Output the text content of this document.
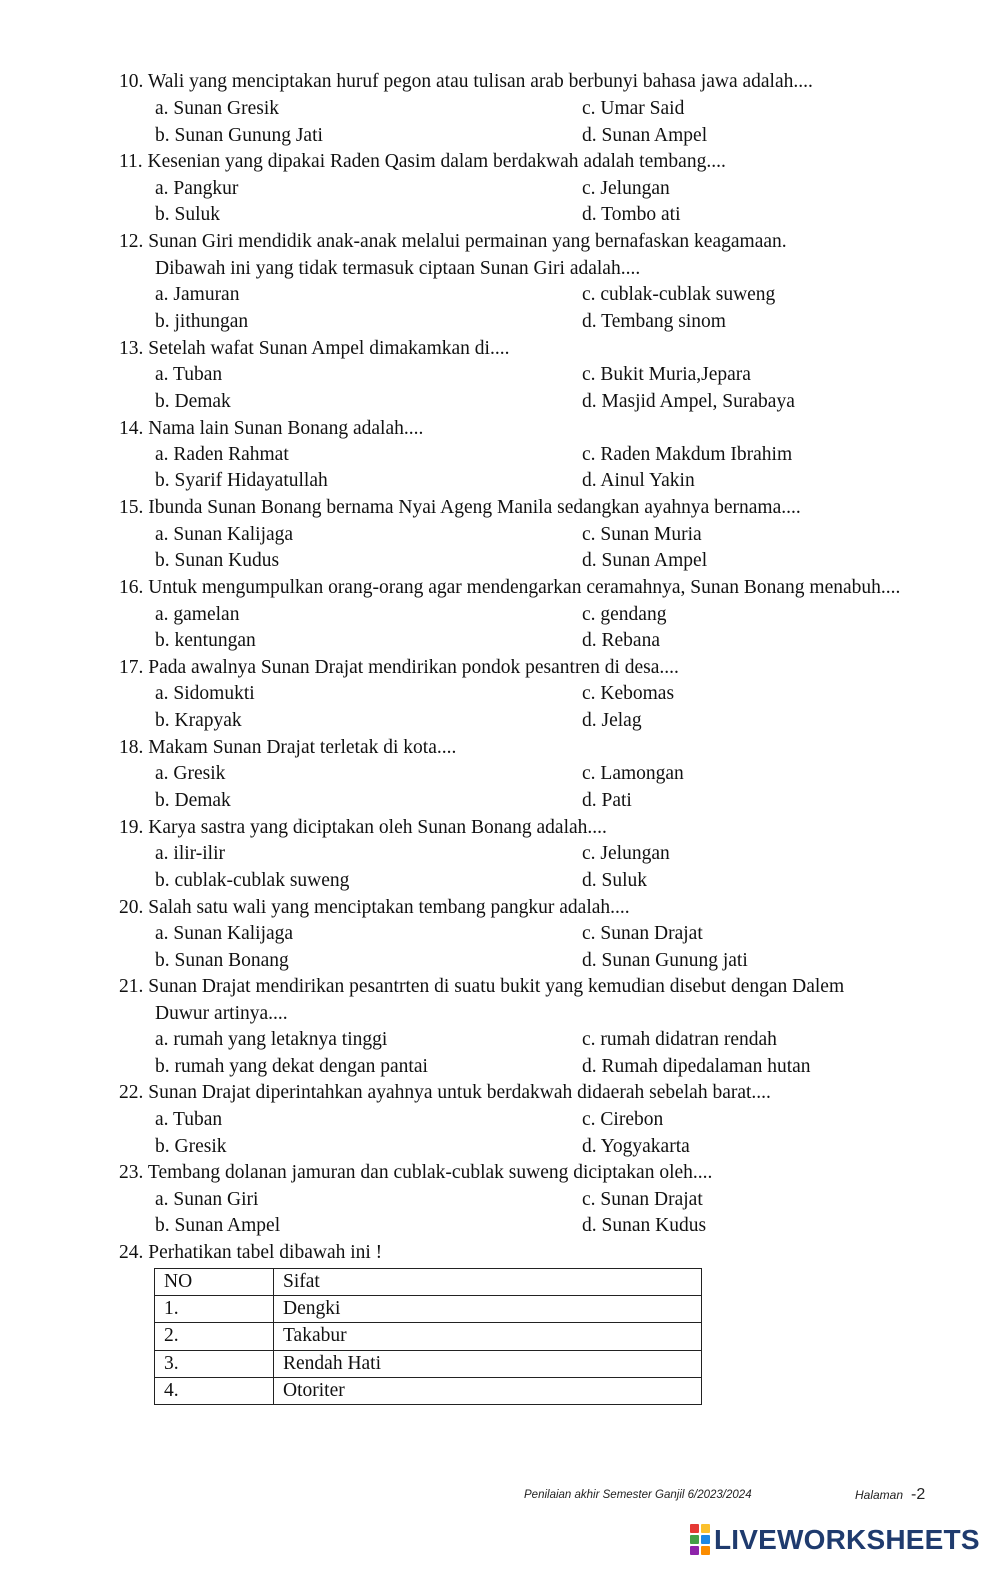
10. Wali yang menciptakan huruf pegon atau tulisan arab berbunyi bahasa jawa adalah....
a. Sunan Gresik	c. Umar Said
b. Sunan Gunung Jati	d. Sunan Ampel
11. Kesenian yang dipakai Raden Qasim dalam berdakwah adalah tembang....
a. Pangkur	c. Jelungan
b. Suluk	d. Tombo ati
12. Sunan Giri mendidik anak-anak melalui permainan yang bernafaskan keagamaan.
Dibawah ini yang tidak termasuk ciptaan Sunan Giri adalah....
a. Jamuran	c. cublak-cublak suweng
b. jithungan	d. Tembang sinom
13. Setelah wafat Sunan Ampel dimakamkan di....
a. Tuban	c. Bukit Muria,Jepara
b. Demak	d. Masjid Ampel, Surabaya
14. Nama lain Sunan Bonang adalah....
a. Raden Rahmat	c. Raden Makdum Ibrahim
b. Syarif Hidayatullah	d. Ainul Yakin
15. Ibunda Sunan Bonang bernama Nyai Ageng Manila sedangkan ayahnya bernama....
a. Sunan Kalijaga	c. Sunan Muria
b. Sunan Kudus	d. Sunan Ampel
16. Untuk mengumpulkan orang-orang agar mendengarkan ceramahnya, Sunan Bonang menabuh....
a. gamelan	c. gendang
b. kentungan	d. Rebana
17. Pada awalnya Sunan Drajat mendirikan pondok pesantren di desa....
a. Sidomukti	c. Kebomas
b. Krapyak	d. Jelag
18. Makam Sunan Drajat terletak di kota....
a. Gresik	c. Lamongan
b. Demak	d. Pati
19. Karya sastra yang diciptakan oleh Sunan Bonang adalah....
a. ilir-ilir	c. Jelungan
b. cublak-cublak suweng	d. Suluk
20. Salah satu wali yang menciptakan tembang pangkur adalah....
a. Sunan Kalijaga	c. Sunan Drajat
b. Sunan Bonang	d. Sunan Gunung jati
21. Sunan Drajat mendirikan pesantrten di suatu bukit yang kemudian disebut dengan Dalem
Duwur artinya....
a. rumah yang letaknya tinggi	c. rumah didatran rendah
b. rumah yang dekat dengan pantai	d. Rumah dipedalaman hutan
22. Sunan Drajat diperintahkan ayahnya untuk berdakwah didaerah sebelah barat....
a. Tuban	c. Cirebon
b. Gresik	d. Yogyakarta
23. Tembang dolanan jamuran dan cublak-cublak suweng diciptakan oleh....
a. Sunan Giri	c. Sunan Drajat
b. Sunan Ampel	d. Sunan Kudus
24. Perhatikan tabel dibawah ini !
NO	Sifat
1.	Dengki
2.	Takabur
3.	Rendah Hati
4.	Otoriter
Penilaian akhir Semester Ganjil 6/2023/2024	Halaman -2
LIVEWORKSHEETS
